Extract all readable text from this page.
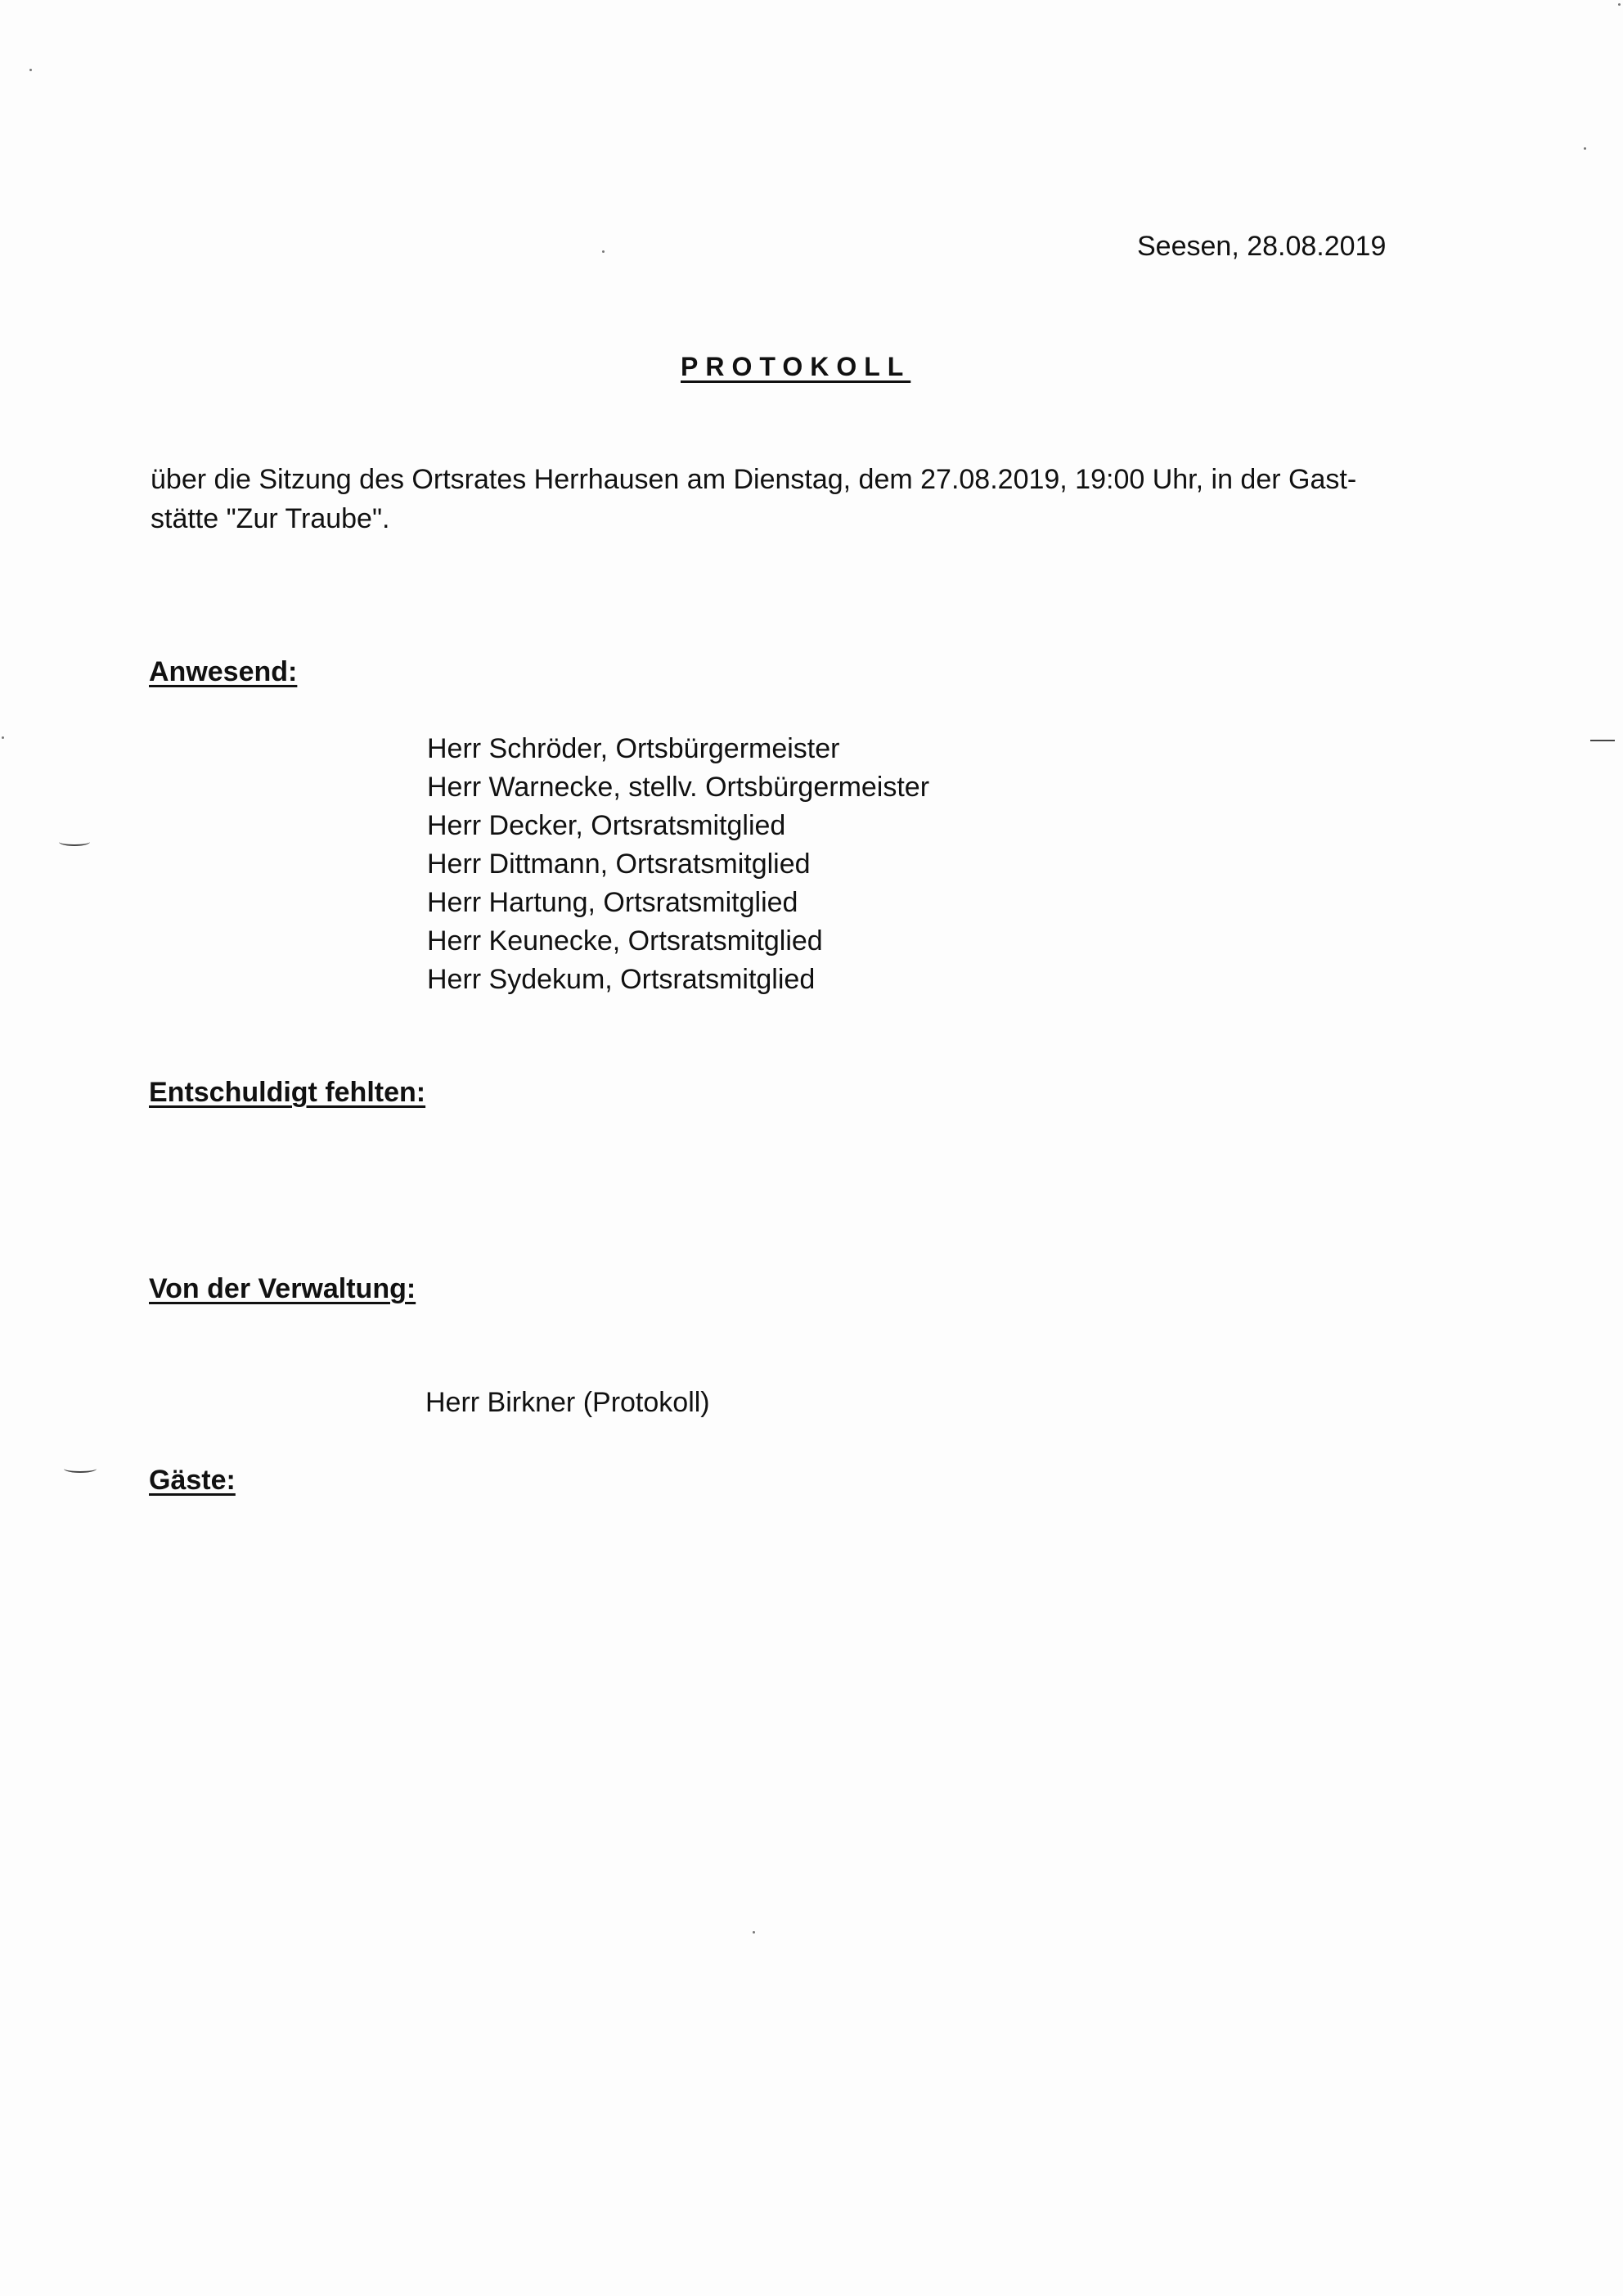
Seesen, 28.08.2019
PROTOKOLL

über die Sitzung des Ortsrates Herrhausen am Dienstag, dem 27.08.2019, 19:00 Uhr, in der Gast-

stätte "Zur Traube".

Anwesend:
Herr Schröder, Ortsbürgermeister
Herr Warnecke, stellv. Ortsbürgermeister
Herr Decker, Ortsratsmitglied
Herr Dittmann, Ortsratsmitglied
Herr Hartung, Ortsratsmitglied
Herr Keunecke, Ortsratsmitglied
Herr Sydekum, Ortsratsmitglied
Entschuldigt fehlten:
Von der Verwaltung:
Herr Birkner (Protokoll)
Gäste:
